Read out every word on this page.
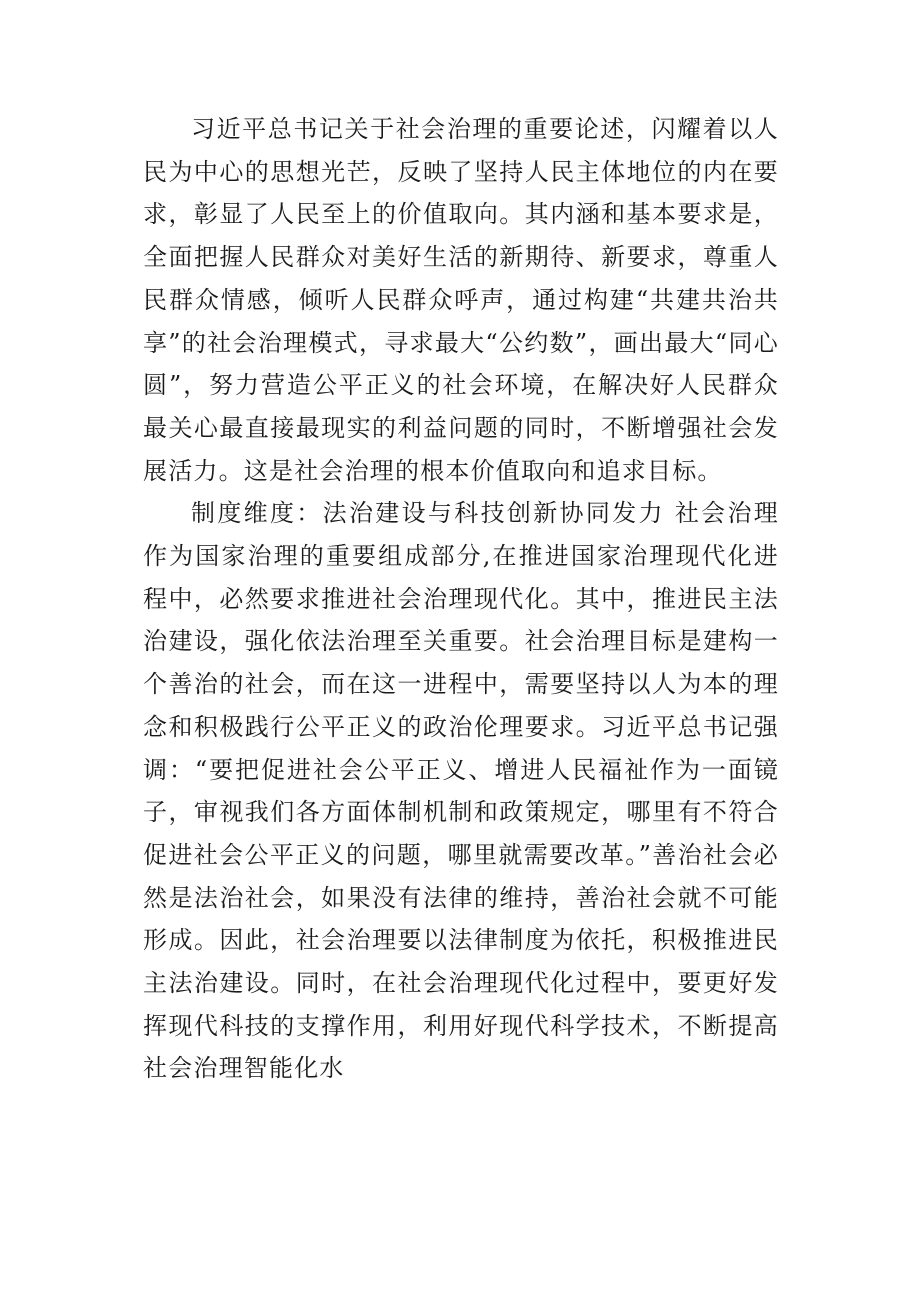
习近平总书记关于社会治理的重要论述，闪耀着以人民为中心的思想光芒，反映了坚持人民主体地位的内在要求，彰显了人民至上的价值取向。其内涵和基本要求是，全面把握人民群众对美好生活的新期待、新要求，尊重人民群众情感，倾听人民群众呼声，通过构建“共建共治共享”的社会治理模式，寻求最大“公约数”，画出最大“同心圆”，努力营造公平正义的社会环境，在解决好人民群众最关心最直接最现实的利益问题的同时，不断增强社会发展活力。这是社会治理的根本价值取向和追求目标。

制度维度：法治建设与科技创新协同发力 社会治理作为国家治理的重要组成部分,在推进国家治理现代化进程中，必然要求推进社会治理现代化。其中，推进民主法治建设，强化依法治理至关重要。社会治理目标是建构一个善治的社会，而在这一进程中，需要坚持以人为本的理念和积极践行公平正义的政治伦理要求。习近平总书记强调：“要把促进社会公平正义、增进人民福祉作为一面镜子，审视我们各方面体制机制和政策规定，哪里有不符合促进社会公平正义的问题，哪里就需要改革。”善治社会必然是法治社会，如果没有法律的维持，善治社会就不可能形成。因此，社会治理要以法律制度为依托，积极推进民主法治建设。同时，在社会治理现代化过程中，要更好发挥现代科技的支撑作用，利用好现代科学技术，不断提高社会治理智能化水
